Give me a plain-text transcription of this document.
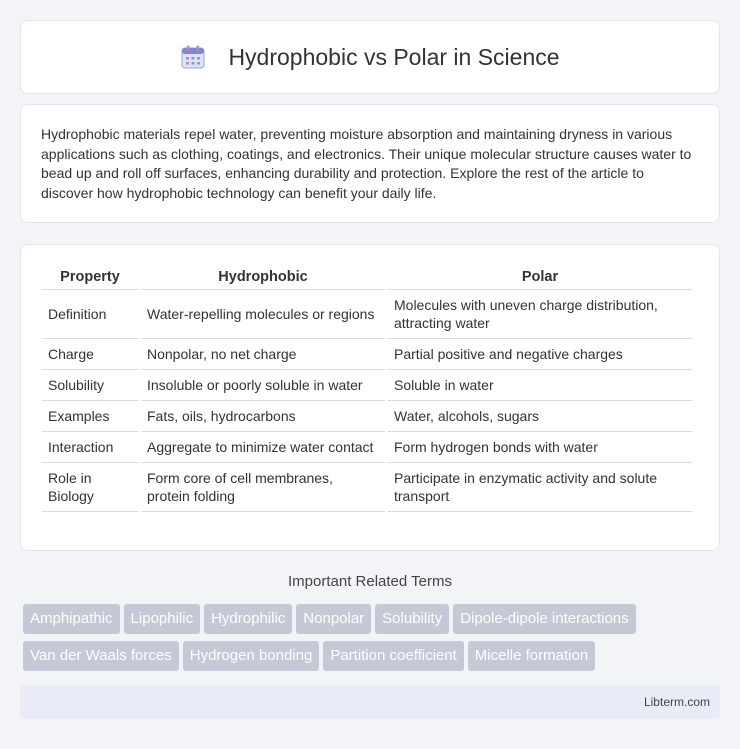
Hydrophobic vs Polar in Science

Hydrophobic materials repel water, preventing moisture absorption and maintaining dryness in various applications such as clothing, coatings, and electronics. Their unique molecular structure causes water to bead up and roll off surfaces, enhancing durability and protection. Explore the rest of the article to discover how hydrophobic technology can benefit your daily life.

Property	Hydrophobic	Polar
Definition	Water-repelling molecules or regions	Molecules with uneven charge distribution, attracting water
Charge	Nonpolar, no net charge	Partial positive and negative charges
Solubility	Insoluble or poorly soluble in water	Soluble in water
Examples	Fats, oils, hydrocarbons	Water, alcohols, sugars
Interaction	Aggregate to minimize water contact	Form hydrogen bonds with water
Role in Biology	Form core of cell membranes, protein folding	Participate in enzymatic activity and solute transport
Important Related Terms
Amphipathic Lipophilic Hydrophilic Nonpolar Solubility Dipole-dipole interactions
Van der Waals forces Hydrogen bonding Partition coefficient Micelle formation
Libterm.com
